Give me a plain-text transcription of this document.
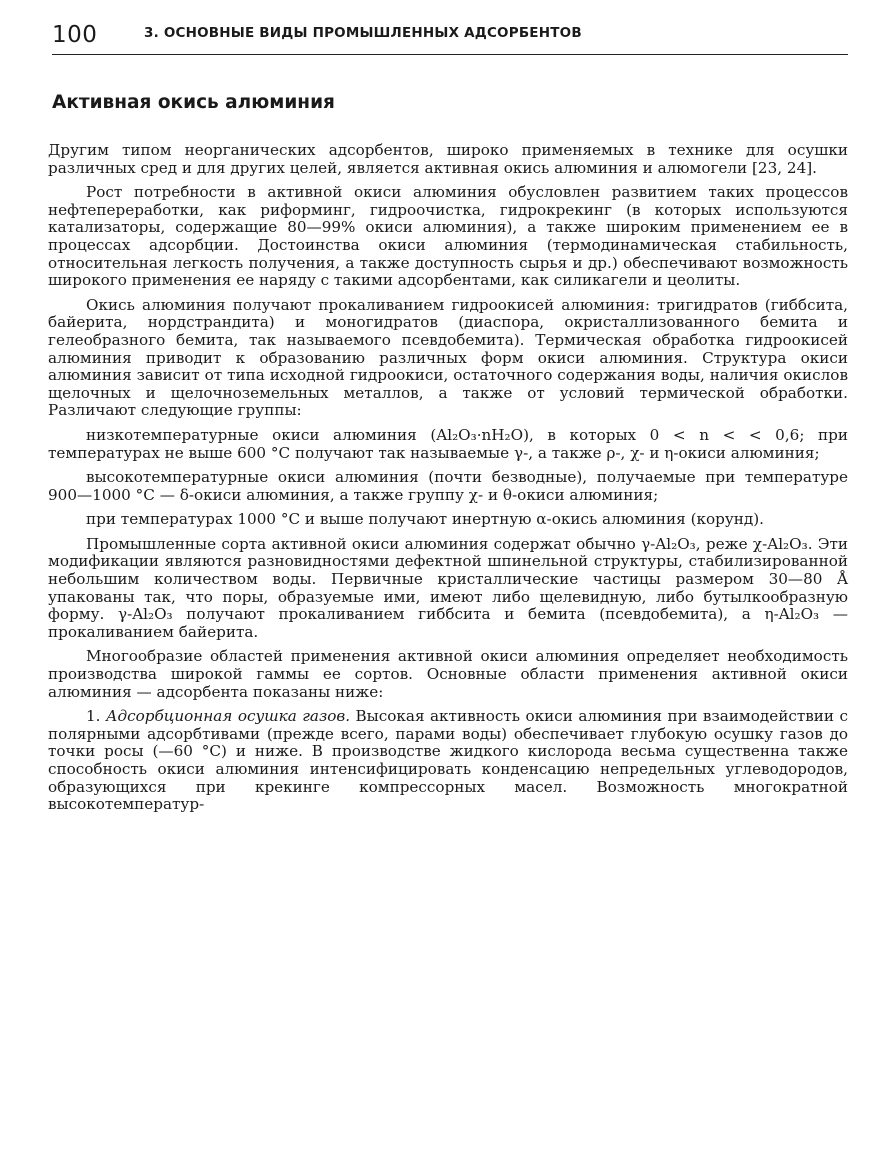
100	3. ОСНОВНЫЕ ВИДЫ ПРОМЫШЛЕННЫХ АДСОРБЕНТОВ
Активная окись алюминия

Другим типом неорганических адсорбентов, широко применяемых в технике для осушки различных сред и для других целей, является активная окись алюминия и алюмогели [23, 24].

Рост потребности в активной окиси алюминия обусловлен развитием таких процессов нефтепереработки, как риформинг, гидроочистка, гидрокрекинг (в которых используются катализаторы, содержащие 80—99% окиси алюминия), а также широким применением ее в процессах адсорбции. Достоинства окиси алюминия (термодинамическая стабильность, относительная легкость получения, а также доступность сырья и др.) обеспечивают возможность широкого применения ее наряду с такими адсорбентами, как силикагели и цеолиты.

Окись алюминия получают прокаливанием гидроокисей алюминия: тригидратов (гиббсита, байерита, нордстрандита) и моногидратов (диаспора, окристаллизованного бемита и гелеобразного бемита, так называемого псевдобемита). Термическая обработка гидроокисей алюминия приводит к образованию различных форм окиси алюминия. Структура окиси алюминия зависит от типа исходной гидроокиси, остаточного содержания воды, наличия окислов щелочных и щелочноземельных металлов, а также от условий термической обработки. Различают следующие группы:

низкотемпературные окиси алюминия (Al₂O₃·nH₂O), в которых 0 < n < < 0,6; при температурах не выше 600 °С получают так называемые γ-, а также ρ-, χ- и η-окиси алюминия;

высокотемпературные окиси алюминия (почти безводные), получаемые при температуре 900—1000 °С — δ-окиси алюминия, а также группу χ- и θ-окиси алюминия;

при температурах 1000 °С и выше получают инертную α-окись алюминия (корунд).

Промышленные сорта активной окиси алюминия содержат обычно γ-Al₂O₃, реже χ-Al₂O₃. Эти модификации являются разновидностями дефектной шпинельной структуры, стабилизированной небольшим количеством воды. Первичные кристаллические частицы размером 30—80 Å упакованы так, что поры, образуемые ими, имеют либо щелевидную, либо бутылкообразную форму. γ-Al₂O₃ получают прокаливанием гиббсита и бемита (псевдобемита), а η-Al₂O₃ — прокаливанием байерита.

Многообразие областей применения активной окиси алюминия определяет необходимость производства широкой гаммы ее сортов. Основные области применения активной окиси алюминия — адсорбента показаны ниже:

1. Адсорбционная осушка газов. Высокая активность окиси алюминия при взаимодействии с полярными адсорбтивами (прежде всего, парами воды) обеспечивает глубокую осушку газов до точки росы (—60 °С) и ниже. В производстве жидкого кислорода весьма существенна также способность окиси алюминия интенсифицировать конденсацию непредельных углеводородов, образующихся при крекинге компрессорных масел. Возможность многократной высокотемператур-
